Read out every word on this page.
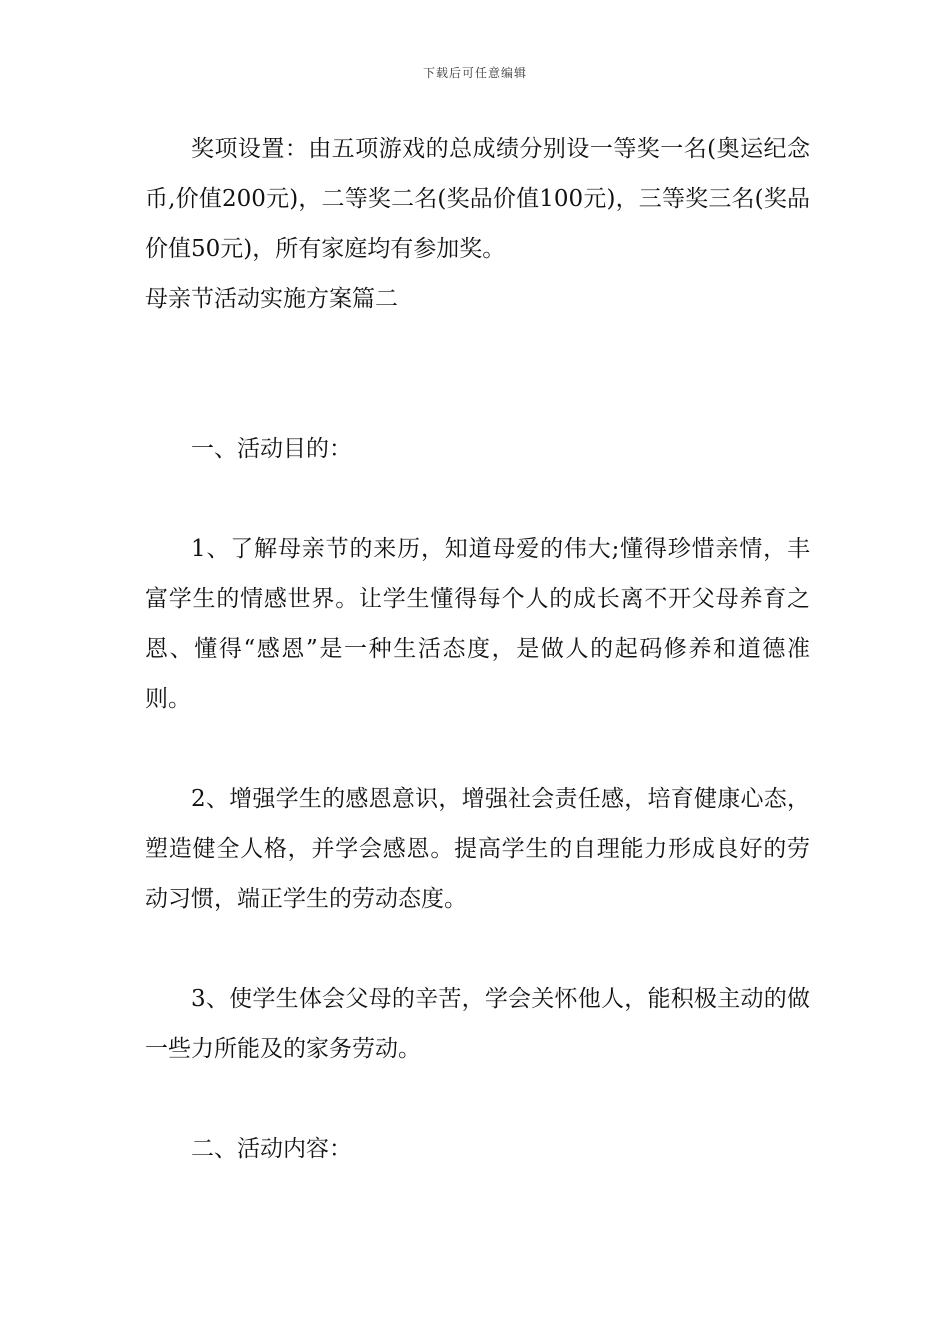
下载后可任意编辑

奖项设置：由五项游戏的总成绩分别设一等奖一名(奥运纪念币,价值200元)，二等奖二名(奖品价值100元)，三等奖三名(奖品价值50元)，所有家庭均有参加奖。

母亲节活动实施方案篇二

一、活动目的：

1、了解母亲节的来历，知道母爱的伟大;懂得珍惜亲情，丰富学生的情感世界。让学生懂得每个人的成长离不开父母养育之恩、懂得“感恩”是一种生活态度，是做人的起码修养和道德准则。

2、增强学生的感恩意识，增强社会责任感，培育健康心态，塑造健全人格，并学会感恩。提高学生的自理能力形成良好的劳动习惯，端正学生的劳动态度。

3、使学生体会父母的辛苦，学会关怀他人，能积极主动的做一些力所能及的家务劳动。

二、活动内容：
